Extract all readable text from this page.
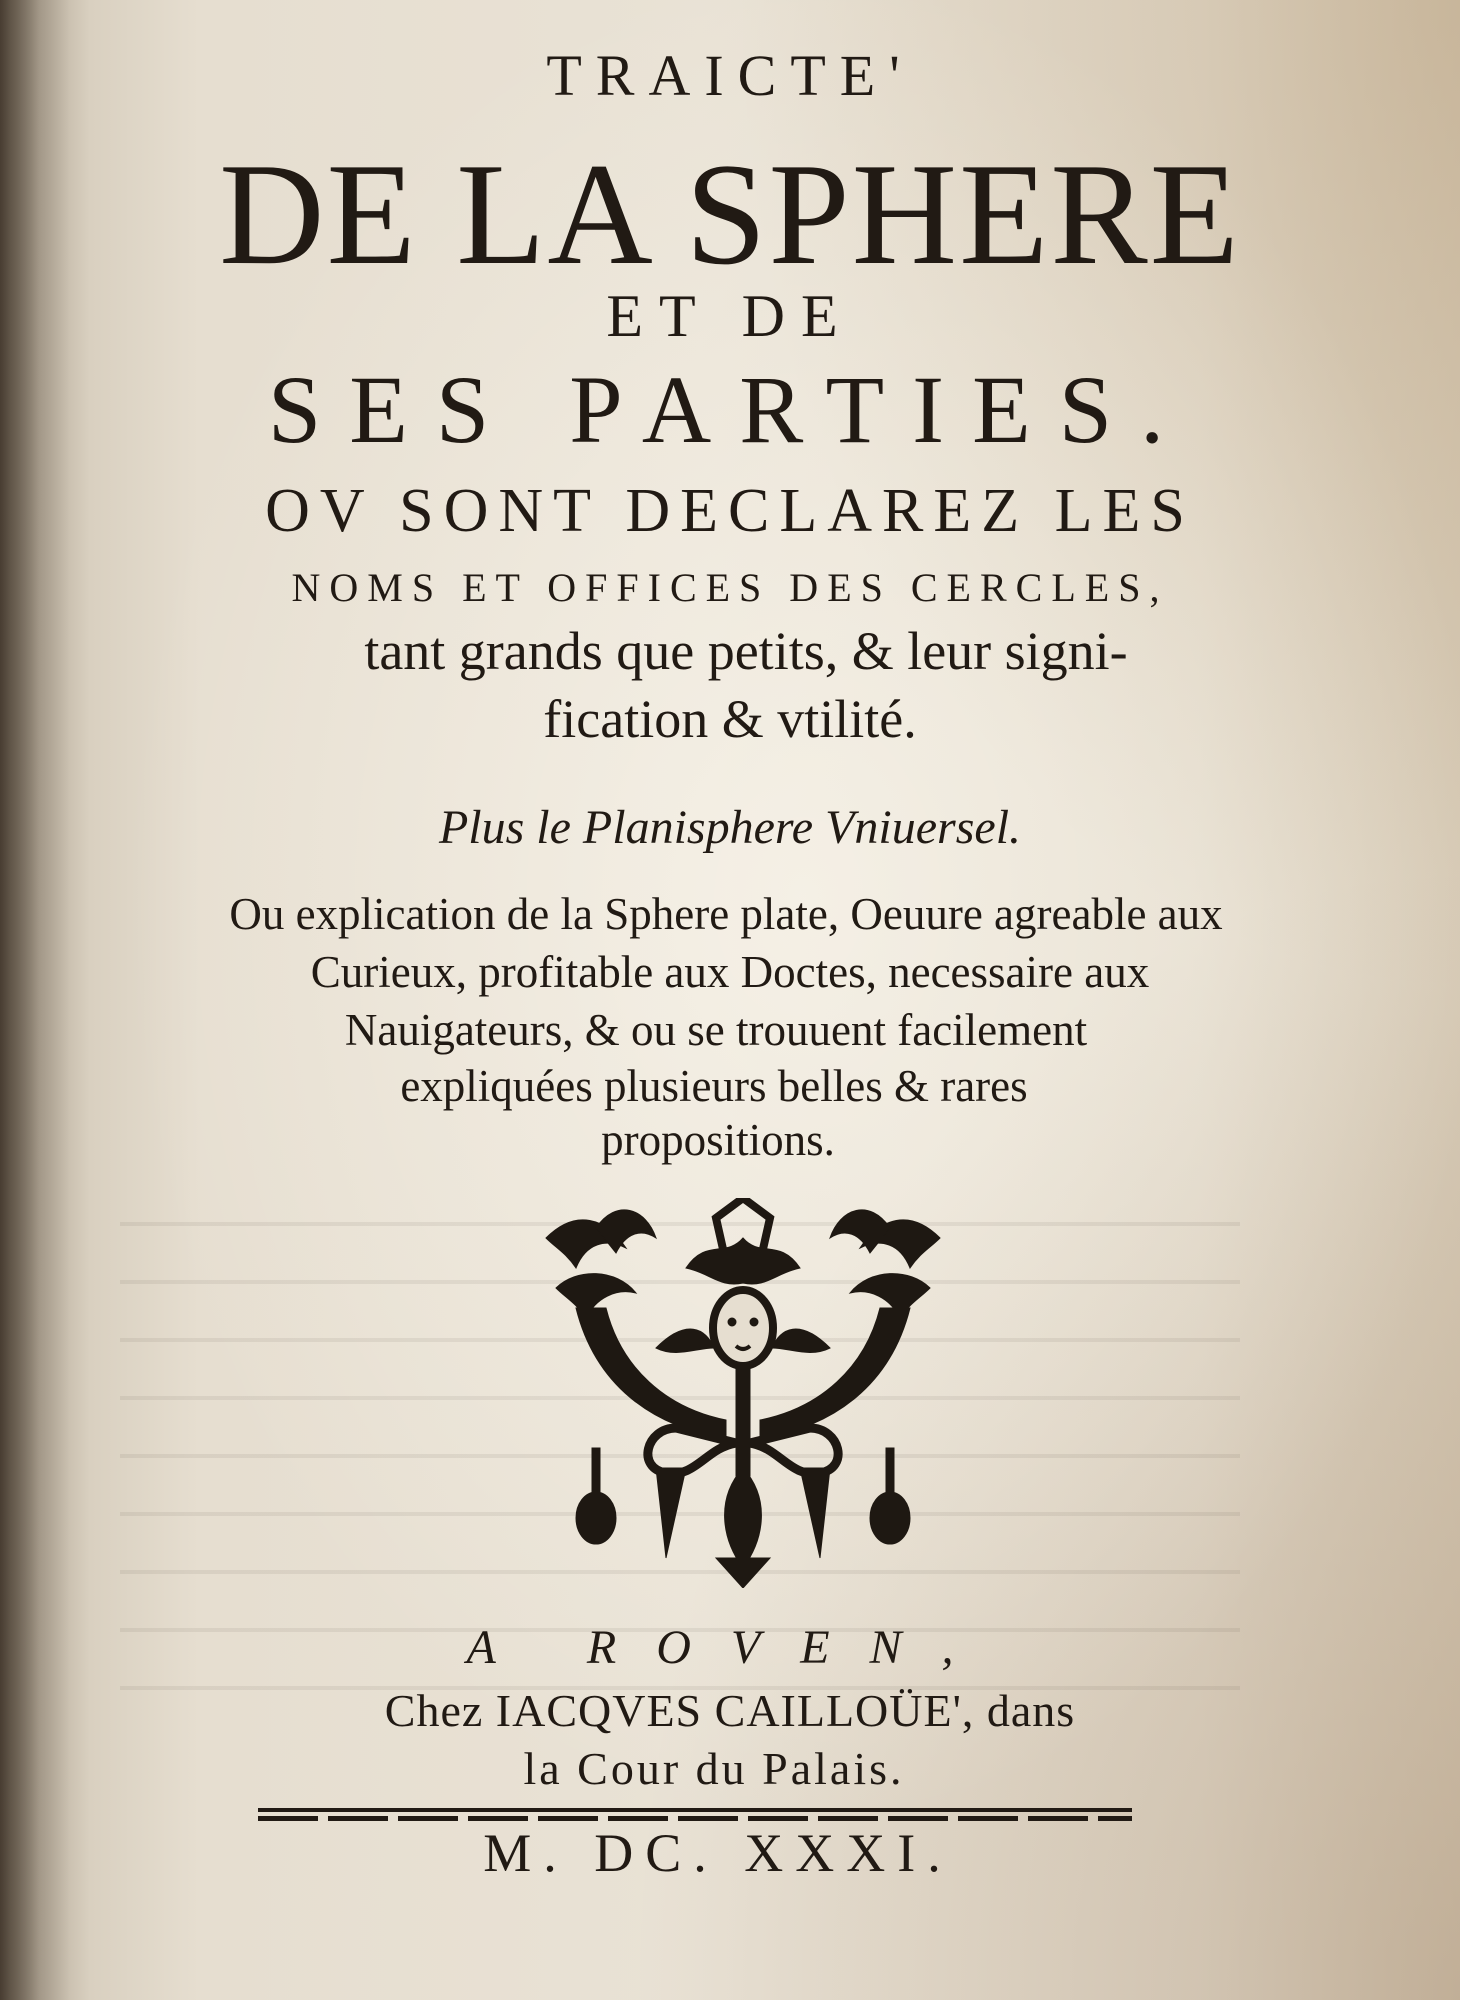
TRAICTE'

DE LA SPHERE

ET DE

SES PARTIES.

OV SONT DECLAREZ LES

NOMS ET OFFICES DES CERCLES,

tant grands que petits, & leur signi-

fication & vtilité.

Plus le Planisphere Vniuersel.

Ou explication de la Sphere plate, Oeuure agreable aux

Curieux, profitable aux Doctes, necessaire aux

Nauigateurs, & ou se trouuent facilement

expliquées plusieurs belles & rares

propositions.

A ROVEN,

Chez IACQVES CAILLOÜE', dans

la Cour du Palais.

M. DC. XXXI.
